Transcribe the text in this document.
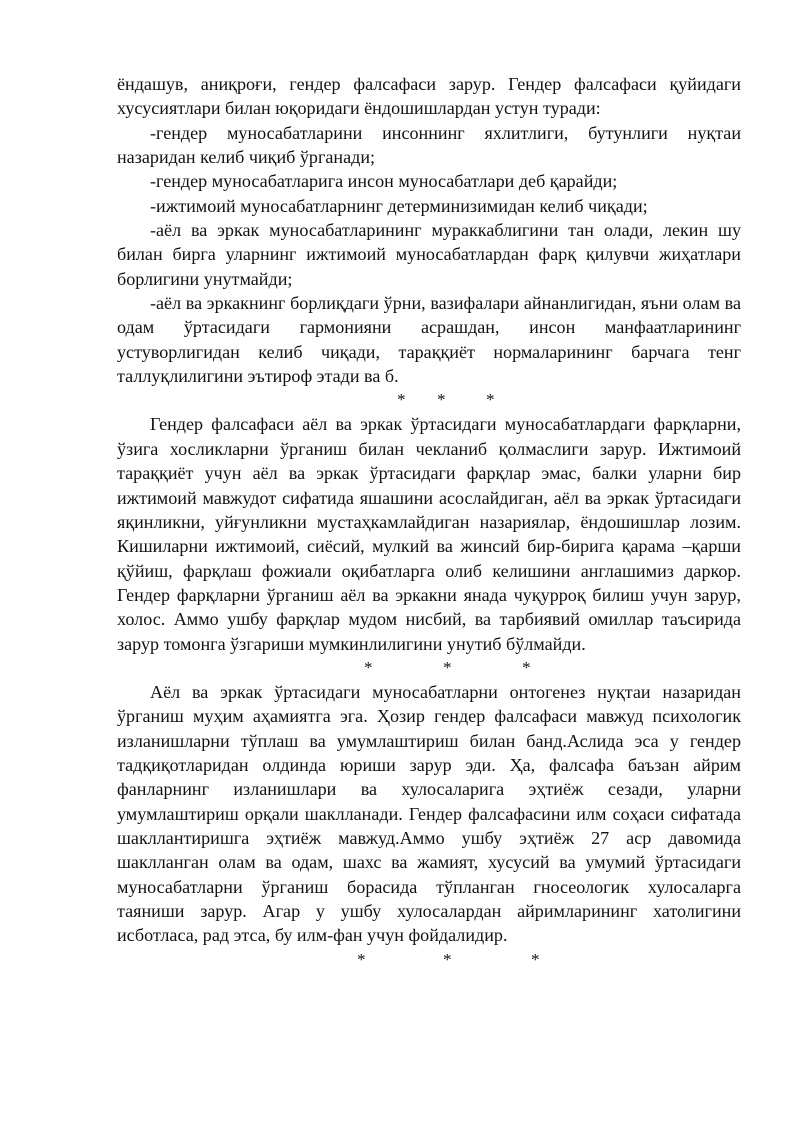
ёндашув, аниқроғи, гендер фалсафаси зарур. Гендер фалсафаси қуйидаги хусусиятлари билан юқоридаги ёндошишлардан устун туради:

-гендер муносабатларини инсоннинг яхлитлиги, бутунлиги нуқтаи назаридан келиб чиқиб ўрганади;

-гендер муносабатларига инсон муносабатлари деб қарайди;

-ижтимоий муносабатларнинг детерминизимидан келиб чиқади;

-аёл ва эркак муносабатларининг мураккаблигини тан олади, лекин шу билан бирга уларнинг ижтимоий муносабатлардан фарқ қилувчи жиҳатлари борлигини унутмайди;

-аёл ва эркакнинг борлиқдаги ўрни, вазифалари айнанлигидан, яъни олам ва одам ўртасидаги гармонияни асрашдан, инсон манфаатларининг устуворлигидан келиб чиқади, тараққиёт нормаларининг барчага тенг таллуқлилигини эътироф этади ва б.

* * *

Гендер фалсафаси аёл ва эркак ўртасидаги муносабатлардаги фарқларни, ўзига хосликларни ўрганиш билан чекланиб қолмаслиги зарур. Ижтимоий тараққиёт учун аёл ва эркак ўртасидаги фарқлар эмас, балки уларни бир ижтимоий мавжудот сифатида яшашини асослайдиган, аёл ва эркак ўртасидаги яқинликни, уйғунликни мустаҳкамлайдиган назариялар, ёндошишлар лозим. Кишиларни ижтимоий, сиёсий, мулкий ва жинсий бир-бирига қарама –қарши қўйиш, фарқлаш фожиали оқибатларга олиб келишини англашимиз даркор. Гендер фарқларни ўрганиш аёл ва эркакни янада чуқурроқ билиш учун зарур, холос. Аммо ушбу фарқлар мудом нисбий, ва тарбиявий омиллар таъсирида зарур томонга ўзгариши мумкинлилигини унутиб бўлмайди.

*	*	*

Аёл ва эркак ўртасидаги муносабатларни онтогенез нуқтаи назаридан ўрганиш муҳим аҳамиятга эга. Ҳозир гендер фалсафаси мавжуд психологик изланишларни тўплаш ва умумлаштириш билан банд.Аслида эса у гендер тадқиқотларидан олдинда юриши зарур эди. Ҳа, фалсафа баъзан айрим фанларнинг изланишлари ва хулосаларига эҳтиёж сезади, уларни умумлаштириш орқали шаклланади. Гендер фалсафасини илм соҳаси сифатада шакллантиришга эҳтиёж мавжуд.Аммо ушбу эҳтиёж 27 аср давомида шаклланган олам ва одам, шахс ва жамият, хусусий ва умумий ўртасидаги муносабатларни ўрганиш борасида тўпланган гносеологик хулосаларга таяниши зарур. Агар у ушбу хулосалардан айримларининг хатолигини исботласа, рад этса, бу илм-фан учун фойдалидир.

*	*	*
